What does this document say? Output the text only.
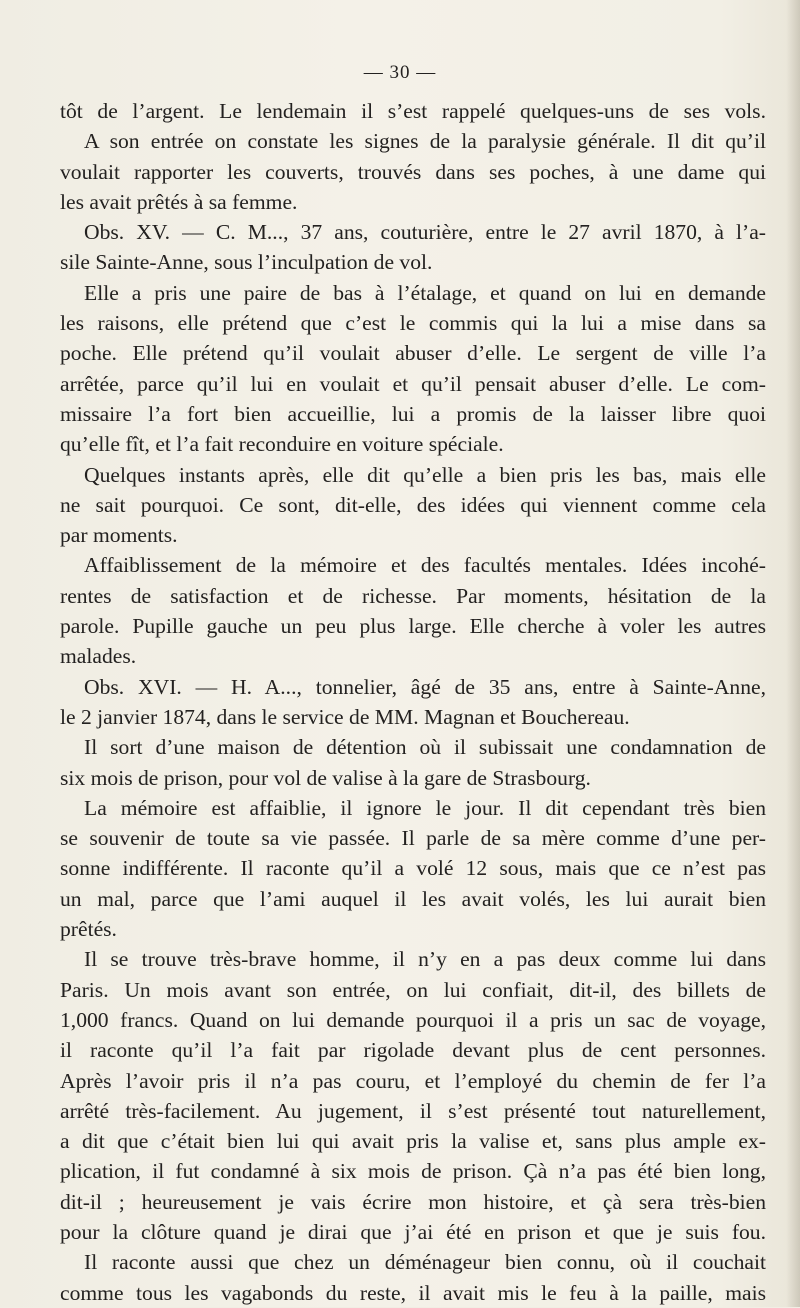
— 30 —
tôt de l’argent. Le lendemain il s’est rappelé quelques-uns de ses vols.
A son entrée on constate les signes de la paralysie générale. Il dit qu’il
voulait rapporter les couverts, trouvés dans ses poches, à une dame qui
les avait prêtés à sa femme.
Obs. XV. — C. M..., 37 ans, couturière, entre le 27 avril 1870, à l’a-
sile Sainte-Anne, sous l’inculpation de vol.
Elle a pris une paire de bas à l’étalage, et quand on lui en demande
les raisons, elle prétend que c’est le commis qui la lui a mise dans sa
poche. Elle prétend qu’il voulait abuser d’elle. Le sergent de ville l’a
arrêtée, parce qu’il lui en voulait et qu’il pensait abuser d’elle. Le com-
missaire l’a fort bien accueillie, lui a promis de la laisser libre quoi
qu’elle fît, et l’a fait reconduire en voiture spéciale.
Quelques instants après, elle dit qu’elle a bien pris les bas, mais elle
ne sait pourquoi. Ce sont, dit-elle, des idées qui viennent comme cela
par moments.
Affaiblissement de la mémoire et des facultés mentales. Idées incohé-
rentes de satisfaction et de richesse. Par moments, hésitation de la
parole. Pupille gauche un peu plus large. Elle cherche à voler les autres
malades.
Obs. XVI. — H. A..., tonnelier, âgé de 35 ans, entre à Sainte-Anne,
le 2 janvier 1874, dans le service de MM. Magnan et Bouchereau.
Il sort d’une maison de détention où il subissait une condamnation de
six mois de prison, pour vol de valise à la gare de Strasbourg.
La mémoire est affaiblie, il ignore le jour. Il dit cependant très bien
se souvenir de toute sa vie passée. Il parle de sa mère comme d’une per-
sonne indifférente. Il raconte qu’il a volé 12 sous, mais que ce n’est pas
un mal, parce que l’ami auquel il les avait volés, les lui aurait bien
prêtés.
Il se trouve très-brave homme, il n’y en a pas deux comme lui dans
Paris. Un mois avant son entrée, on lui confiait, dit-il, des billets de
1,000 francs. Quand on lui demande pourquoi il a pris un sac de voyage,
il raconte qu’il l’a fait par rigolade devant plus de cent personnes.
Après l’avoir pris il n’a pas couru, et l’employé du chemin de fer l’a
arrêté très-facilement. Au jugement, il s’est présenté tout naturellement,
a dit que c’était bien lui qui avait pris la valise et, sans plus ample ex-
plication, il fut condamné à six mois de prison. Çà n’a pas été bien long,
dit-il ; heureusement je vais écrire mon histoire, et çà sera très-bien
pour la clôture quand je dirai que j’ai été en prison et que je suis fou.
Il raconte aussi que chez un déménageur bien connu, où il couchait
comme tous les vagabonds du reste, il avait mis le feu à la paille, mais
